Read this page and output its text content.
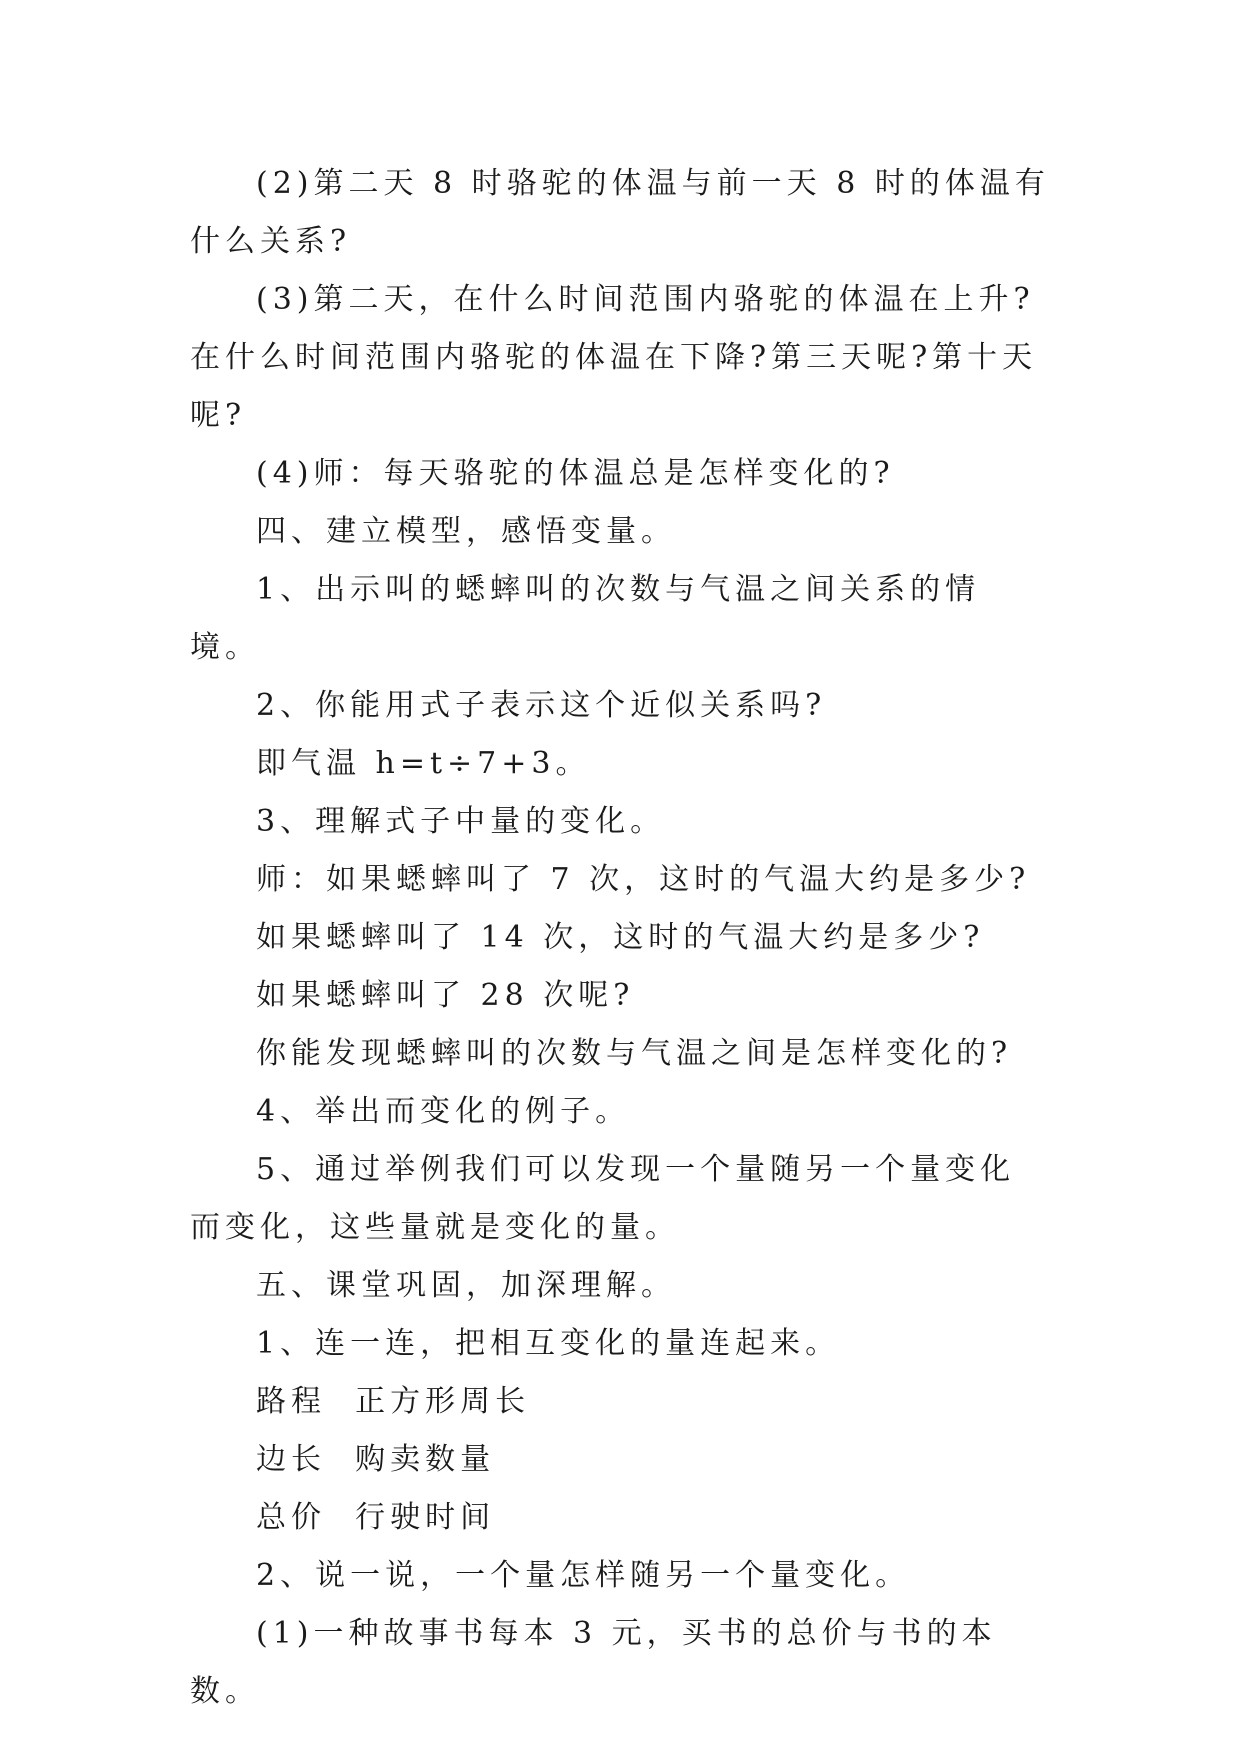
(2)第二天 8 时骆驼的体温与前一天 8 时的体温有什么关系?

(3)第二天，在什么时间范围内骆驼的体温在上升?在什么时间范围内骆驼的体温在下降?第三天呢?第十天呢?

(4)师：每天骆驼的体温总是怎样变化的?

四、建立模型，感悟变量。

1、出示叫的蟋蟀叫的次数与气温之间关系的情境。

2、你能用式子表示这个近似关系吗?

即气温 h=t÷7+3。

3、理解式子中量的变化。

师：如果蟋蟀叫了 7 次，这时的气温大约是多少?

如果蟋蟀叫了 14 次，这时的气温大约是多少?

如果蟋蟀叫了 28 次呢?

你能发现蟋蟀叫的次数与气温之间是怎样变化的?

4、举出而变化的例子。

5、通过举例我们可以发现一个量随另一个量变化而变化，这些量就是变化的量。

五、课堂巩固，加深理解。

1、连一连，把相互变化的量连起来。

路程  正方形周长

边长  购卖数量

总价  行驶时间

2、说一说，一个量怎样随另一个量变化。

(1)一种故事书每本 3 元，买书的总价与书的本数。
